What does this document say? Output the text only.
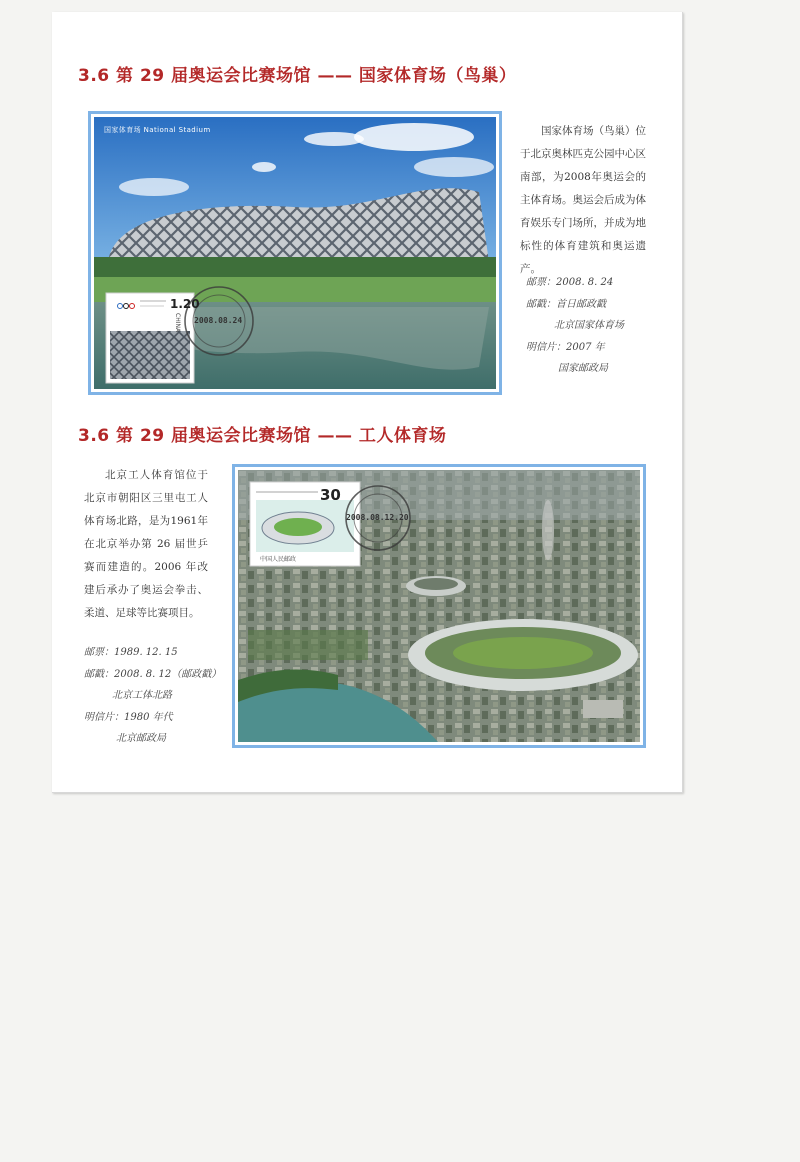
3.6 第 29 届奥运会比赛场馆 —— 国家体育场（鸟巢）
国家体育场 National Stadium
1.20
CHINA 2008.08.24
国家体育场（鸟巢）位于北京奥林匹克公园中心区南部，为2008年奥运会的主体育场。奥运会后成为体育娱乐专门场所，并成为地标性的体育建筑和奥运遗产。
邮票：2008. 8. 24
邮戳：首日邮政戳
北京国家体育场
明信片：2007 年
国家邮政局
3.6 第 29 届奥运会比赛场馆 —— 工人体育场
北京工人体育馆位于北京市朝阳区三里屯工人体育场北路，是为1961年在北京举办第 26 届世乒赛而建造的。2006 年改建后承办了奥运会拳击、柔道、足球等比赛项目。
邮票：1989. 12. 15
邮戳：2008. 8. 12（邮政戳）
北京工体北路
明信片：1980 年代
北京邮政局
30
中国人民邮政
2008.08.12.20
